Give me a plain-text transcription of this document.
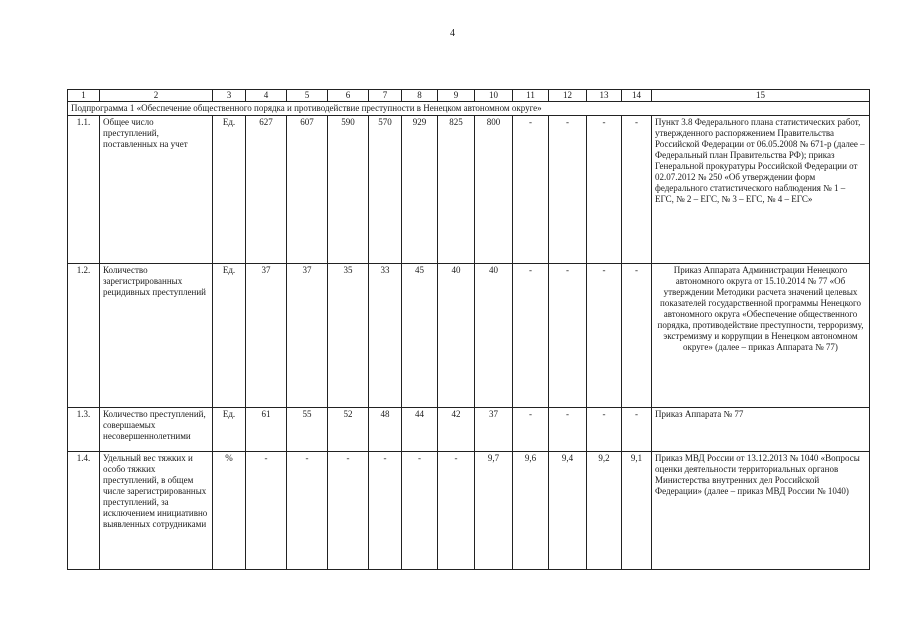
4
1	2	3	4	5	6	7	8	9	10	11	12	13	14	15
Подпрограмма 1 «Обеспечение общественного порядка и противодействие преступности в Ненецком автономном округе»														
1.1.	Общее число преступлений, поставленных на учет	Ед.	627	607	590	570	929	825	800	-	-	-	-	Пункт 3.8 Федерального плана статистических работ, утвержденного распоряжением Правительства Российской Федерации от 06.05.2008 № 671-р (далее – Федеральный план Правительства РФ); приказ Генеральной прокуратуры Российской Федерации от 02.07.2012 № 250 «Об утверждении форм федерального статистического наблюдения № 1 – ЕГС, № 2 – ЕГС, № 3 – ЕГС, № 4 – ЕГС»
1.2.	Количество зарегистрированных рецидивных преступлений	Ед.	37	37	35	33	45	40	40	-	-	-	-	Приказ Аппарата Администрации Ненецкого автономного округа от 15.10.2014 № 77 «Об утверждении Методики расчета значений целевых показателей государственной программы Ненецкого автономного округа «Обеспечение общественного порядка, противодействие преступности, терроризму, экстремизму и коррупции в Ненецком автономном округе» (далее – приказ Аппарата № 77)
1.3.	Количество преступлений, совершаемых несовершеннолетними	Ед.	61	55	52	48	44	42	37	-	-	-	-	Приказ Аппарата № 77
1.4.	Удельный вес тяжких и особо тяжких преступлений, в общем числе зарегистрированных преступлений, за исключением инициативно выявленных сотрудниками	%	-	-	-	-	-	-	9,7	9,6	9,4	9,2	9,1	Приказ МВД России от 13.12.2013 № 1040 «Вопросы оценки деятельности территориальных органов Министерства внутренних дел Российской Федерации» (далее – приказ МВД России № 1040)
